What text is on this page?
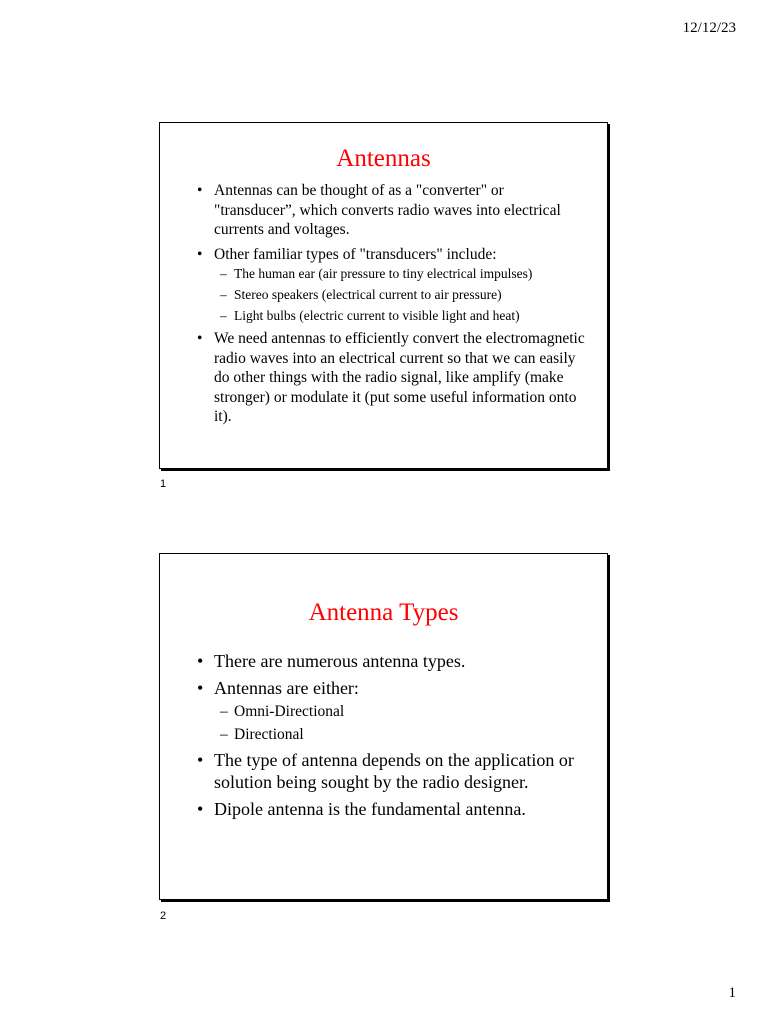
12/12/23
Antennas
• Antennas can be thought of as a "converter" or "transducer”, which converts radio waves into electrical currents and voltages.
• Other familiar types of "transducers" include:
– The human ear (air pressure to tiny electrical impulses)
– Stereo speakers (electrical current to air pressure)
– Light bulbs (electric current to visible light and heat)
• We need antennas to efficiently convert the electromagnetic radio waves into an electrical current so that we can easily do other things with the radio signal, like amplify (make stronger) or modulate it (put some useful information onto it).
1
Antenna Types
• There are numerous antenna types.
• Antennas are either:
– Omni-Directional
– Directional
• The type of antenna depends on the application or solution being sought by the radio designer.
• Dipole antenna is the fundamental antenna.
2
1
